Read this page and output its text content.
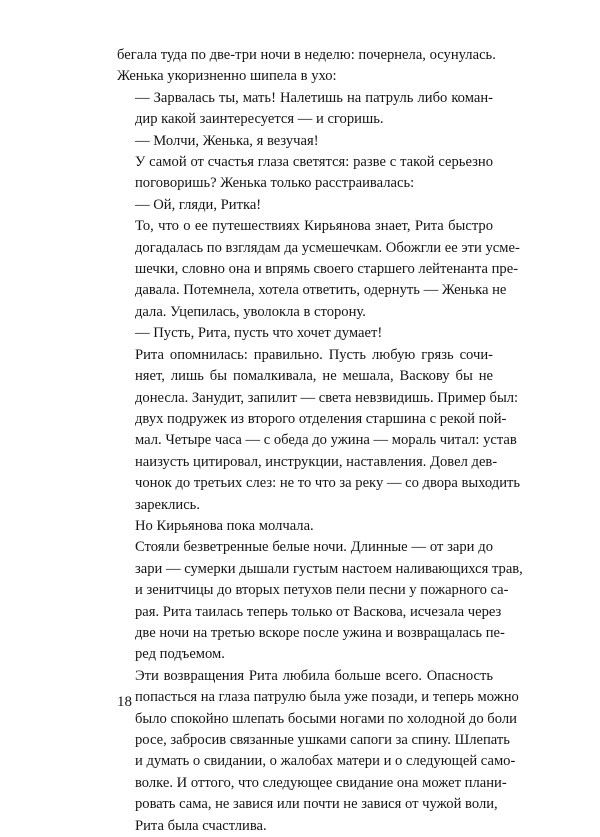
бегала туда по две-три ночи в неделю: почернела, осунулась.
Женька укоризненно шипела в ухо:

— Зарвалась ты, мать! Налетишь на патруль либо коман-
дир какой заинтересуется — и сгоришь.

— Молчи, Женька, я везучая!

У самой от счастья глаза светятся: разве с такой серьезно
поговоришь? Женька только расстраивалась:

— Ой, гляди, Ритка!

То, что о ее путешествиях Кирьянова знает, Рита быстро
догадалась по взглядам да усмешечкам. Обожгли ее эти усме-
шечки, словно она и впрямь своего старшего лейтенанта пре-
давала. Потемнела, хотела ответить, одернуть — Женька не
дала. Уцепилась, уволокла в сторону.

— Пусть, Рита, пусть что хочет думает!

Рита опомнилась: правильно. Пусть любую грязь сочи-
няет, лишь бы помалкивала, не мешала, Васкову бы не
донесла. Занудит, запилит — света невзвидишь. Пример был:
двух подружек из второго отделения старшина с рекой пой-
мал. Четыре часа — с обеда до ужина — мораль читал: устав
наизусть цитировал, инструкции, наставления. Довел дев-
чонок до третьих слез: не то что за реку — со двора выходить
зареклись.

Но Кирьянова пока молчала.

Стояли безветренные белые ночи. Длинные — от зари до
зари — сумерки дышали густым настоем наливающихся трав,
и зенитчицы до вторых петухов пели песни у пожарного са-
рая. Рита таилась теперь только от Васкова, исчезала через
две ночи на третью вскоре после ужина и возвращалась пе-
ред подъемом.

Эти возвращения Рита любила больше всего. Опасность
попасться на глаза патрулю была уже позади, и теперь можно
было спокойно шлепать босыми ногами по холодной до боли
росе, забросив связанные ушками сапоги за спину. Шлепать
и думать о свидании, о жалобах матери и о следующей само-
волке. И оттого, что следующее свидание она может плани-
ровать сама, не завися или почти не завися от чужой воли,
Рита была счастлива.

18
